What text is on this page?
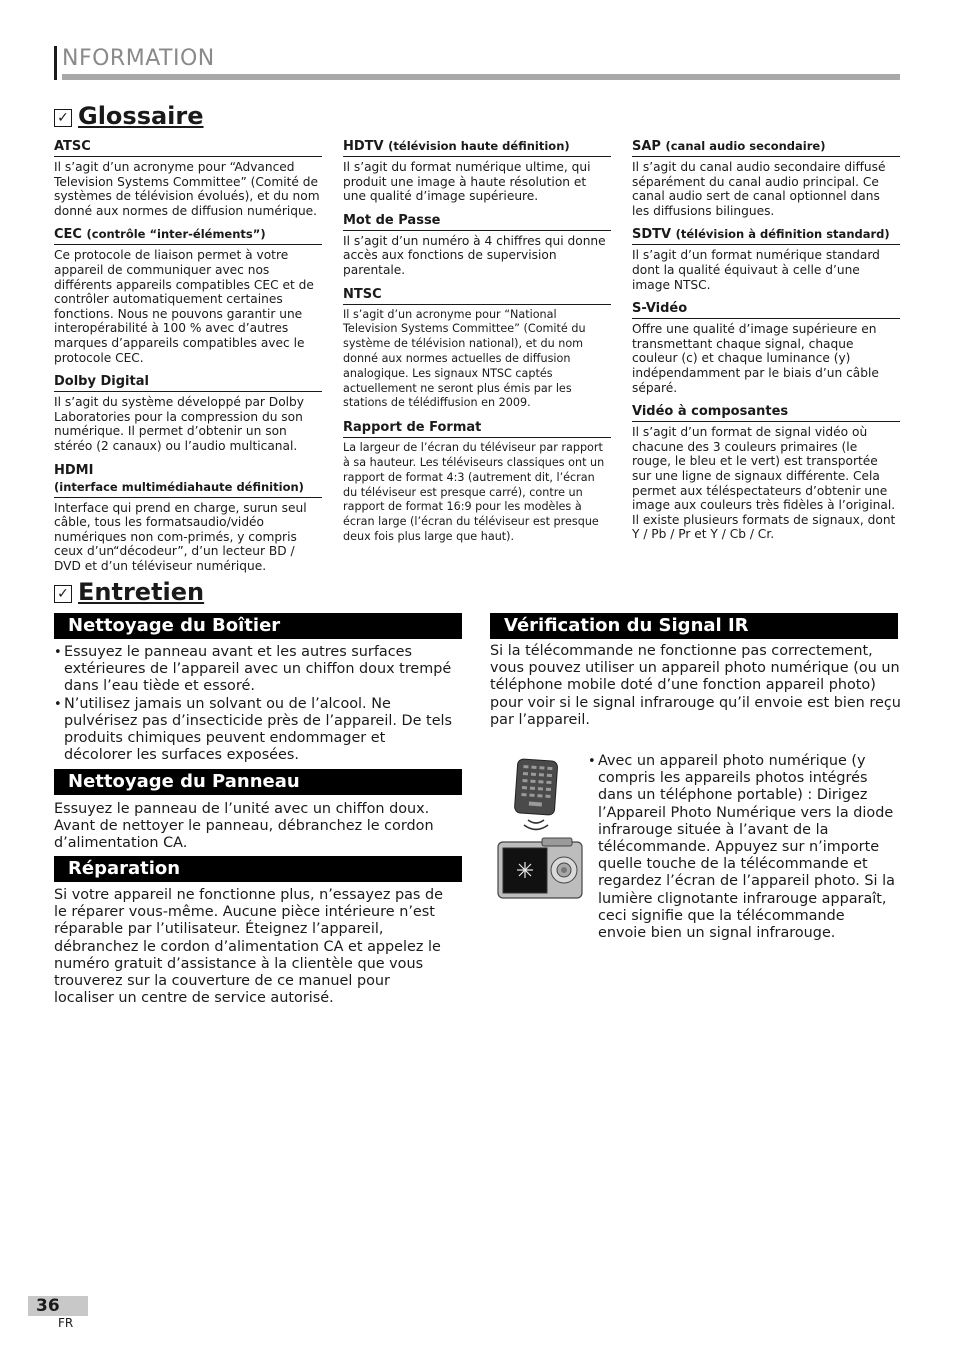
NFORMATION
✓ Glossaire
ATSC
Il s’agit d’un acronyme pour “Advanced Television Systems Committee” (Comité de systèmes de télévision évolués), et du nom donné aux normes de diffusion numérique.
CEC (contrôle “inter-éléments”)
Ce protocole de liaison permet à votre appareil de communiquer avec nos différents appareils compatibles CEC et de contrôler automatiquement certaines fonctions. Nous ne pouvons garantir une interopérabilité à 100 % avec d’autres marques d’appareils compatibles avec le protocole CEC.
Dolby Digital
Il s’agit du système développé par Dolby Laboratories pour la compression du son numérique. Il permet d’obtenir un son stéréo (2 canaux) ou l’audio multicanal.
HDMI
(interface multimédiahaute définition)
Interface qui prend en charge, surun seul câble, tous les formatsaudio/vidéo numériques non com-primés, y compris ceux d’un“décodeur”, d’un lecteur BD / DVD et d’un téléviseur numérique.
HDTV (télévision haute définition)
Il s’agit du format numérique ultime, qui produit une image à haute résolution et une qualité d’image supérieure.
Mot de Passe
Il s’agit d’un numéro à 4 chiffres qui donne accès aux fonctions de supervision parentale.
NTSC
Il s’agit d’un acronyme pour “National Television Systems Committee” (Comité du système de télévision national), et du nom donné aux normes actuelles de diffusion analogique. Les signaux NTSC captés actuellement ne seront plus émis par les stations de télédiffusion en 2009.
Rapport de Format
La largeur de l’écran du téléviseur par rapport à sa hauteur. Les téléviseurs classiques ont un rapport de format 4:3 (autrement dit, l’écran du téléviseur est presque carré), contre un rapport de format 16:9 pour les modèles à écran large (l’écran du téléviseur est presque deux fois plus large que haut).
SAP (canal audio secondaire)
Il s’agit du canal audio secondaire diffusé séparément du canal audio principal. Ce canal audio sert de canal optionnel dans les diffusions bilingues.
SDTV (télévision à définition standard)
Il s’agit d’un format numérique standard dont la qualité équivaut à celle d’une image NTSC.
S-Vidéo
Offre une qualité d’image supérieure en transmettant chaque signal, chaque couleur (c) et chaque luminance (y) indépendamment par le biais d’un câble séparé.
Vidéo à composantes
Il s’agit d’un format de signal vidéo où chacune des 3 couleurs primaires (le rouge, le bleu et le vert) est transportée sur une ligne de signaux différente. Cela permet aux téléspectateurs d’obtenir une image aux couleurs très fidèles à l’original. Il existe plusieurs formats de signaux, dont Y / Pb / Pr et Y / Cb / Cr.
✓ Entretien
Nettoyage du Boîtier
• Essuyez le panneau avant et les autres surfaces extérieures de l’appareil avec un chiffon doux trempé dans l’eau tiède et essoré.
• N’utilisez jamais un solvant ou de l’alcool. Ne pulvérisez pas d’insecticide près de l’appareil. De tels produits chimiques peuvent endommager et décolorer les surfaces exposées.
Nettoyage du Panneau
Essuyez le panneau de l’unité avec un chiffon doux. Avant de nettoyer le panneau, débranchez le cordon d’alimentation CA.
Réparation
Si votre appareil ne fonctionne plus, n’essayez pas de le réparer vous-même. Aucune pièce intérieure n’est réparable par l’utilisateur. Éteignez l’appareil, débranchez le cordon d’alimentation CA et appelez le numéro gratuit d’assistance à la clientèle que vous trouverez sur la couverture de ce manuel pour localiser un centre de service autorisé.
Vérification du Signal IR
Si la télécommande ne fonctionne pas correctement, vous pouvez utiliser un appareil photo numérique (ou un téléphone mobile doté d’une fonction appareil photo) pour voir si le signal infrarouge qu’il envoie est bien reçu par l’appareil.
• Avec un appareil photo numérique (y compris les appareils photos intégrés dans un téléphone portable) : Dirigez l’Appareil Photo Numérique vers la diode infrarouge située à l’avant de la télécommande. Appuyez sur n’importe quelle touche de la télécommande et regardez l’écran de l’appareil photo. Si la lumière clignotante infrarouge apparaît, ceci signifie que la télécommande envoie bien un signal infrarouge.
36
FR
